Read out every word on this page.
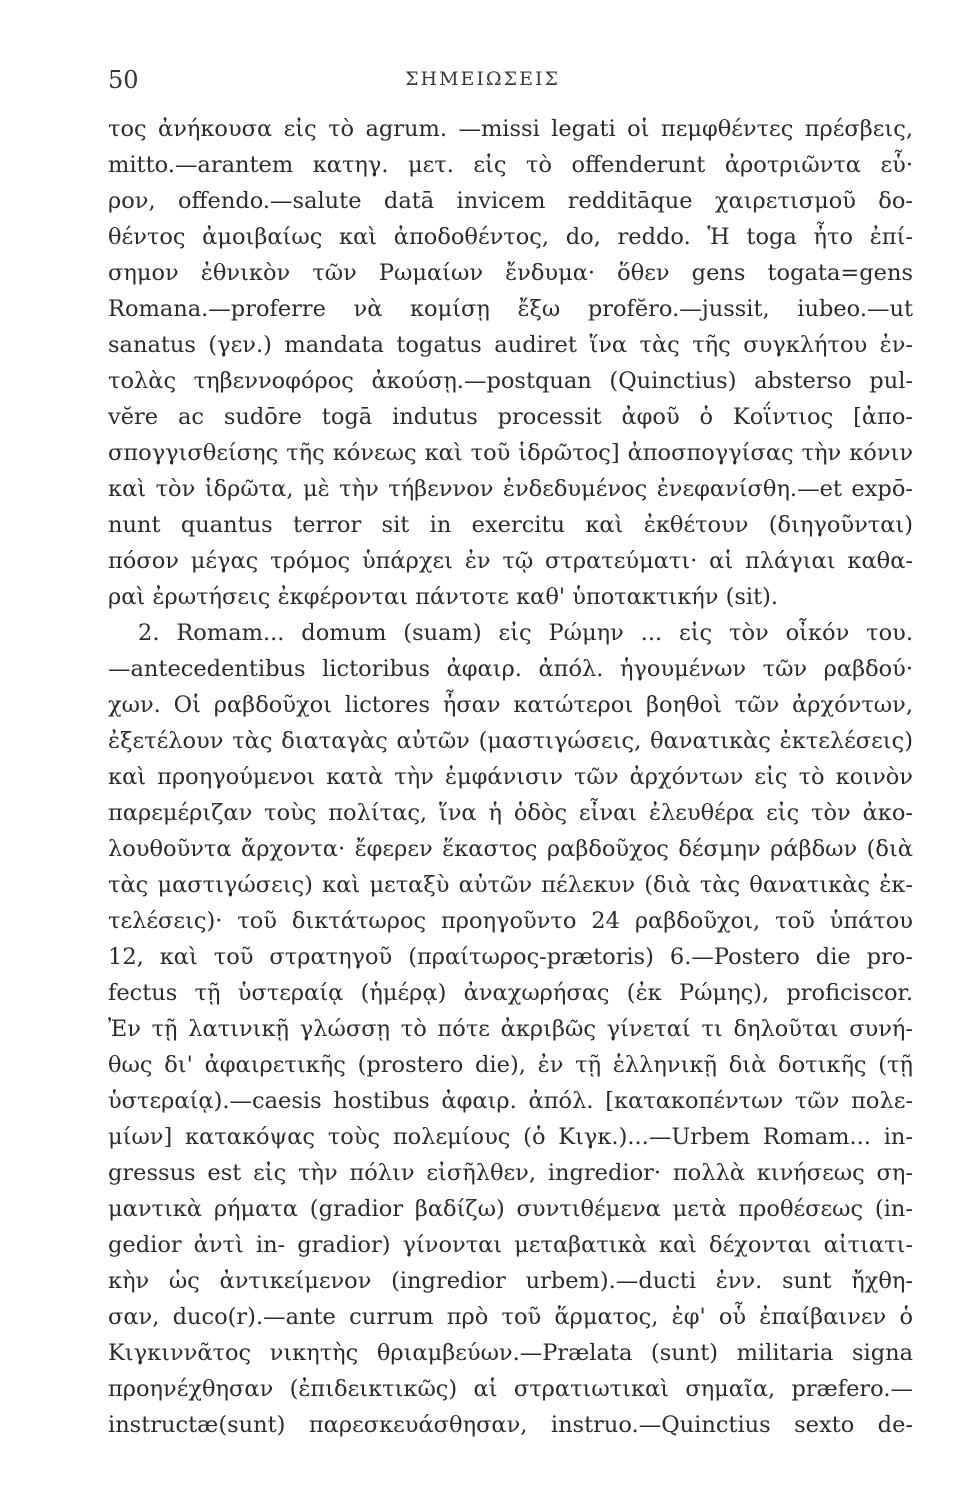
50	ΣΗΜΕΙΩΣΕΙΣ
τος ἀνήκουσα εἰς τὸ agrum. —missi legati οἱ πεμφθέντες πρέσβεις,
mitto.—arantem κατηγ. μετ. εἰς τὸ offenderunt ἀροτριῶντα εὗ·
ρον, offendo.—salute datā invicem redditāque χαιρετισμοῦ δο-
θέντος ἀμοιβαίως καὶ ἀποδοθέντος, do, reddo. Ἡ toga ἦτο ἐπί-
σημον ἐθνικὸν τῶν Ρωμαίων ἔνδυμα· ὅθεν gens togata=gens
Romana.—proferre νὰ κομίσῃ ἔξω profĕro.—jussit, iubeo.—ut
sanatus (γεν.) mandata togatus audiret ἵνα τὰς τῆς συγκλήτου ἐν-
τολὰς τηβεννοφόρος ἀκούσῃ.—postquan (Quinctius) absterso pul-
vĕre ac sudōre togā indutus processit ἀφοῦ ὁ Κοΐντιος [ἀπο-
σπογγισθείσης τῆς κόνεως καὶ τοῦ ἱδρῶτος] ἀποσπογγίσας τὴν κόνιν
καὶ τὸν ἱδρῶτα, μὲ τὴν τήβεννον ἐνδεδυμένος ἐνεφανίσθη.—et expō-
nunt quantus terror sit in exercitu καὶ ἐκθέτουν (διηγοῦνται)
πόσον μέγας τρόμος ὑπάρχει ἐν τῷ στρατεύματι· αἱ πλάγιαι καθα-
ραὶ ἐρωτήσεις ἐκφέρονται πάντοτε καθ' ὑποτακτικήν (sit).
2. Romam... domum (suam) εἰς Ρώμην ... εἰς τὸν οἶκόν του.
—antecedentibus lictoribus ἀφαιρ. ἀπόλ. ἡγουμένων τῶν ραβδού·
χων. Οἱ ραβδοῦχοι lictores ἦσαν κατώτεροι βοηθοὶ τῶν ἀρχόντων,
ἐξετέλουν τὰς διαταγὰς αὐτῶν (μαστιγώσεις, θανατικὰς ἐκτελέσεις)
καὶ προηγούμενοι κατὰ τὴν ἐμφάνισιν τῶν ἀρχόντων εἰς τὸ κοινὸν
παρεμέριζαν τοὺς πολίτας, ἵνα ἡ ὁδὸς εἶναι ἐλευθέρα εἰς τὸν ἀκο-
λουθοῦντα ἄρχοντα· ἔφερεν ἕκαστος ραβδοῦχος δέσμην ράβδων (διὰ
τὰς μαστιγώσεις) καὶ μεταξὺ αὐτῶν πέλεκυν (διὰ τὰς θανατικὰς ἐκ-
τελέσεις)· τοῦ δικτάτωρος προηγοῦντο 24 ραβδοῦχοι, τοῦ ὑπάτου
12, καὶ τοῦ στρατηγοῦ (πραίτωρος-prætoris) 6.—Postero die pro-
fectus τῇ ὑστεραίᾳ (ἡμέρᾳ) ἀναχωρήσας (ἐκ Ρώμης), proficiscor.
Ἐν τῇ λατινικῇ γλώσσῃ τὸ πότε ἀκριβῶς γίνεταί τι δηλοῦται συνή-
θως δι' ἀφαιρετικῆς (prostero die), ἐν τῇ ἑλληνικῇ διὰ δοτικῆς (τῇ
ὑστεραίᾳ).—caesis hostibus ἀφαιρ. ἀπόλ. [κατακοπέντων τῶν πολε-
μίων] κατακόψας τοὺς πολεμίους (ὁ Κιγκ.)...—Urbem Romam... in-
gressus est εἰς τὴν πόλιν εἰσῆλθεν, ingredior· πολλὰ κινήσεως ση-
μαντικὰ ρήματα (gradior βαδίζω) συντιθέμενα μετὰ προθέσεως (in-
gedior ἀντὶ in- gradior) γίνονται μεταβατικὰ καὶ δέχονται αἰτιατι-
κὴν ὡς ἀντικείμενον (ingredior urbem).—ducti ἐνν. sunt ἤχθη-
σαν, duco(r).—ante currum πρὸ τοῦ ἅρματος, ἐφ' οὗ ἐπαίβαινεν ὁ
Κιγκιννᾶτος νικητὴς θριαμβεύων.—Prælata (sunt) militaria signa
προηνέχθησαν (ἐπιδεικτικῶς) αἱ στρατιωτικαὶ σημαῖα, præfero.—
instructæ(sunt) παρεσκευάσθησαν, instruo.—Quinctius sexto de-
